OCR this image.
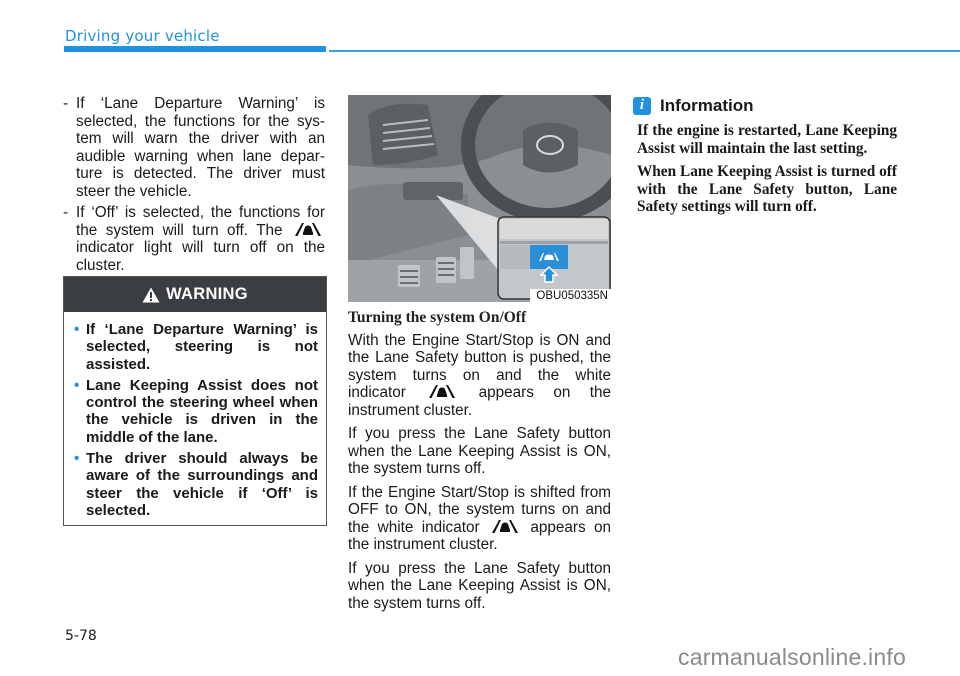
Driving your vehicle
- If ‘Lane Departure Warning’ is selected, the functions for the sys-tem will warn the driver with an audible warning when lane depar-ture is detected. The driver must steer the vehicle.
- If ‘Off’ is selected, the functions for the system will turn off. The  indicator light will turn off on the cluster.
WARNING
• If ‘Lane Departure Warning’ is selected, steering is not assisted.
• Lane Keeping Assist does not control the steering wheel when the vehicle is driven in the middle of the lane.
• The driver should always be aware of the surroundings and steer the vehicle if ‘Off’ is selected.
OBU050335N
Turning the system On/Off
With the Engine Start/Stop is ON and the Lane Safety button is pushed, the system turns on and the white indicator	appears on the instrument cluster.
If you press the Lane Safety button when the Lane Keeping Assist is ON, the system turns off.
If the Engine Start/Stop is shifted from OFF to ON, the system turns on and the white indicator	appears on the instrument cluster.
If you press the Lane Safety button when the Lane Keeping Assist is ON, the system turns off.
i Information
If the engine is restarted, Lane Keeping Assist will maintain the last setting.
When Lane Keeping Assist is turned off with the Lane Safety button, Lane Safety settings will turn off.
5-78
carmanualsonline.info
